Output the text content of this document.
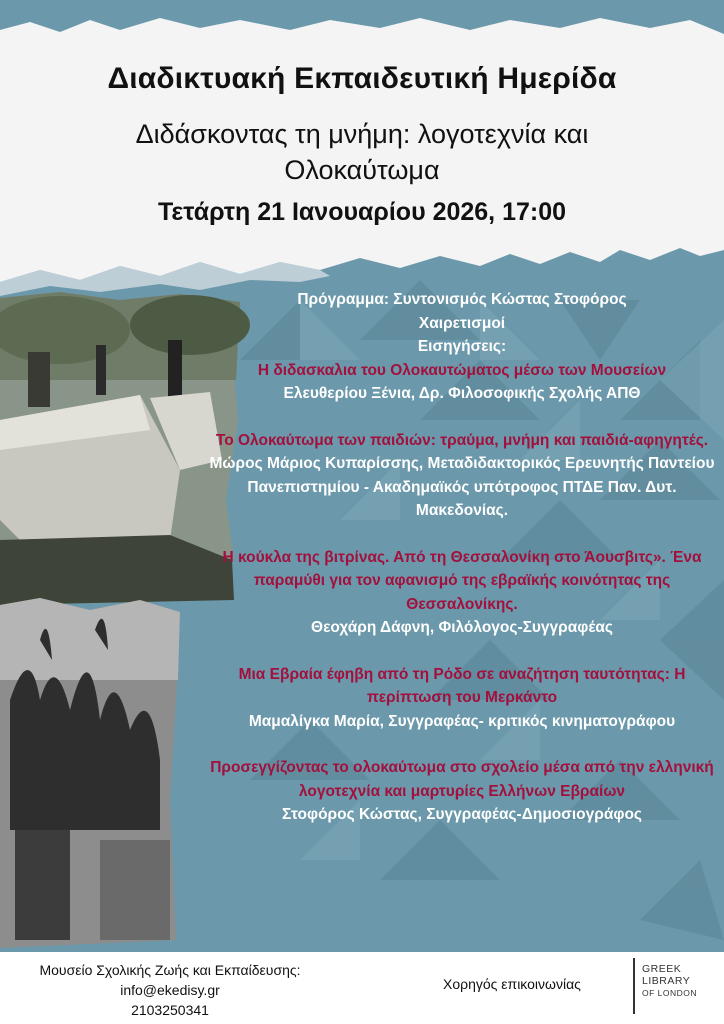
Διαδικτυακή Εκπαιδευτική Ημερίδα
Διδάσκοντας τη μνήμη: λογοτεχνία και
Ολοκαύτωμα
Τετάρτη 21 Ιανουαρίου 2026, 17:00
Πρόγραμμα: Συντονισμός Κώστας Στοφόρος
Χαιρετισμοί
Εισηγήσεις:
Η διδασκαλια του Ολοκαυτώματος μέσω των Μουσείων
Ελευθερίου Ξένια, Δρ. Φιλοσοφικής Σχολής ΑΠΘ
Το Ολοκαύτωμα των παιδιών: τραύμα, μνήμη και παιδιά-αφηγητές.
Μώρος Μάριος Κυπαρίσσης, Μεταδιδακτορικός Ερευνητής Παντείου Πανεπιστημίου - Ακαδημαϊκός υπότροφος ΠΤΔΕ Παν. Δυτ. Μακεδονίας.
Η κούκλα της βιτρίνας. Από τη Θεσσαλονίκη στο Άουσβιτς». Ένα παραμύθι για τον αφανισμό της εβραϊκής κοινότητας της Θεσσαλονίκης.
Θεοχάρη Δάφνη, Φιλόλογος-Συγγραφέας
Μια Εβραία έφηβη από τη Ρόδο σε αναζήτηση ταυτότητας: Η περίπτωση του Μερκάντο
Μαμαλίγκα Μαρία, Συγγραφέας- κριτικός κινηματογράφου
Προσεγγίζοντας το ολοκαύτωμα στο σχολείο μέσα από την ελληνική λογοτεχνία και μαρτυρίες Ελλήνων Εβραίων
Στοφόρος Κώστας, Συγγραφέας-Δημοσιογράφος
Μουσείο Σχολικής Ζωής και Εκπαίδευσης:
info@ekedisy.gr
2103250341
Χορηγός επικοινωνίας
GREEK
LIBRARY
OF LONDON
